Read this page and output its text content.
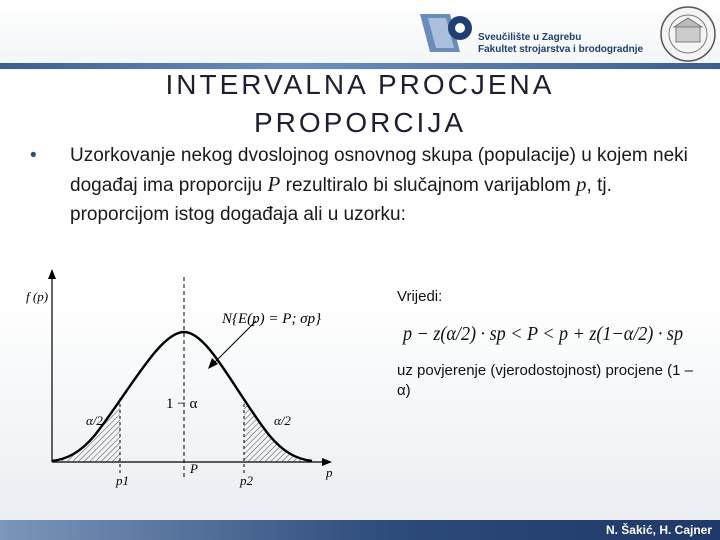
Sveučilište u Zagrebu
Fakultet strojarstva i brodogradnje
INTERVALNA PROCJENA
PROPORCIJA
• Uzorkovanje nekog dvoslojnog osnovnog skupa (populacije) u kojem neki događaj ima proporciju P rezultiralo bi slučajnom varijablom p, tj. proporcijom istog događaja ali u uzorku:
f (p)
N{E(p) = P; σp}
1 − α
α/2	α/2
P	p
p1	p2
Vrijedi:
p − z(α/2) · sp < P < p + z(1−α/2) · sp
uz povjerenje (vjerodostojnost) procjene (1 – α)
N. Šakić, H. Cajner
